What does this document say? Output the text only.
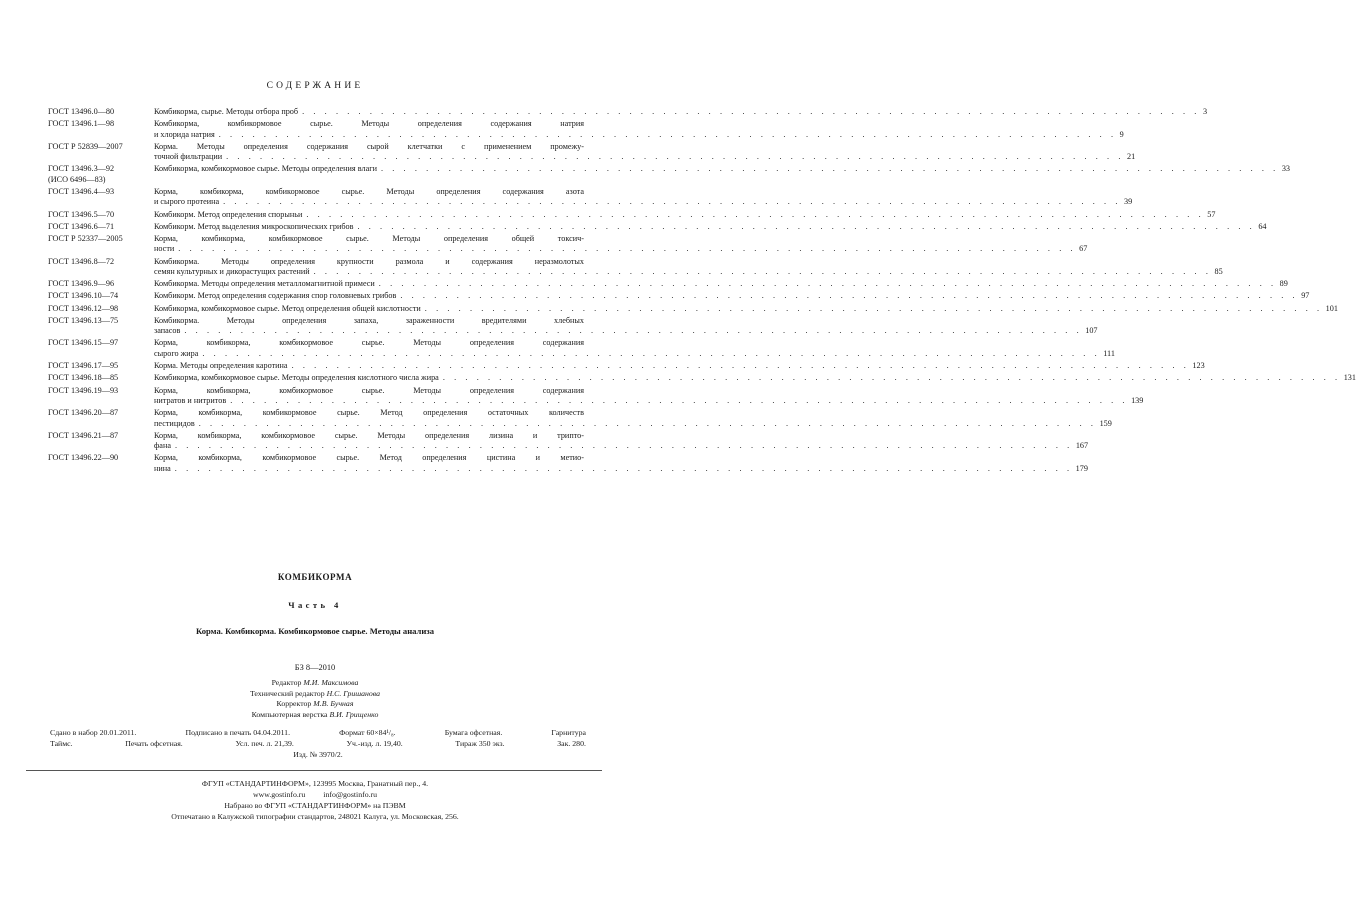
СОДЕРЖАНИЕ
ГОСТ 13496.0—80	Комбикорма, сырье. Методы отбора проб . . . . . . . . . . . . . . . . . . . . . . . . . . . . . . . . . . . . . . . . . . . . . . . . . . . . . . . . . . . . . . . . . . . . . . . . . . . . . . . . 3
ГОСТ 13496.1—98	Комбикорма, комбикормовое сырье. Методы определения содержания натрия
и хлорида натрия . . . . . . . . . . . . . . . . . . . . . . . . . . . . . . . . . . . . . . . . . . . . . . . . . . . . . . . . . . . . . . . . . . . . . . . . . . . . . . . . 9
ГОСТ Р 52839—2007	Корма. Методы определения содержания сырой клетчатки с применением промежу-
точной фильтрации . . . . . . . . . . . . . . . . . . . . . . . . . . . . . . . . . . . . . . . . . . . . . . . . . . . . . . . . . . . . . . . . . . . . . . . . . . . . . . . . 21
ГОСТ 13496.3—92
(ИСО 6496—83)
Комбикорма, комбикормовое сырье. Методы определения влаги . . . . . . . . . . . . . . . . . . . . . . . . . . . . . . . . . . . . . . . . . . . . . . . . . . . . . . . . . . . . . . . . . . . . . . . . . . . . . . . . 33
ГОСТ 13496.4—93	Корма, комбикорма, комбикормовое сырье. Методы определения содержания азота
и сырого протеина . . . . . . . . . . . . . . . . . . . . . . . . . . . . . . . . . . . . . . . . . . . . . . . . . . . . . . . . . . . . . . . . . . . . . . . . . . . . . . . . 39
ГОСТ 13496.5—70	Комбикорм. Метод определения спорыньи . . . . . . . . . . . . . . . . . . . . . . . . . . . . . . . . . . . . . . . . . . . . . . . . . . . . . . . . . . . . . . . . . . . . . . . . . . . . . . . . 57
ГОСТ 13496.6—71	Комбикорм. Метод выделения микроскопических грибов . . . . . . . . . . . . . . . . . . . . . . . . . . . . . . . . . . . . . . . . . . . . . . . . . . . . . . . . . . . . . . . . . . . . . . . . . . . . . . . . 64
ГОСТ Р 52337—2005	Корма, комбикорма, комбикормовое сырье. Методы определения общей токсич-
ности . . . . . . . . . . . . . . . . . . . . . . . . . . . . . . . . . . . . . . . . . . . . . . . . . . . . . . . . . . . . . . . . . . . . . . . . . . . . . . . . 67
ГОСТ 13496.8—72	Комбикорма. Методы определения крупности размола и содержания неразмолотых
семян культурных и дикорастущих растений . . . . . . . . . . . . . . . . . . . . . . . . . . . . . . . . . . . . . . . . . . . . . . . . . . . . . . . . . . . . . . . . . . . . . . . . . . . . . . . . 85
ГОСТ 13496.9—96	Комбикорма. Методы определения металломагнитной примеси . . . . . . . . . . . . . . . . . . . . . . . . . . . . . . . . . . . . . . . . . . . . . . . . . . . . . . . . . . . . . . . . . . . . . . . . . . . . . . . . 89
ГОСТ 13496.10—74	Комбикорм. Метод определения содержания спор головневых грибов . . . . . . . . . . . . . . . . . . . . . . . . . . . . . . . . . . . . . . . . . . . . . . . . . . . . . . . . . . . . . . . . . . . . . . . . . . . . . . . . 97
ГОСТ 13496.12—98	Комбикорма, комбикормовое сырье. Метод определения общей кислотности . . . . . . . . . . . . . . . . . . . . . . . . . . . . . . . . . . . . . . . . . . . . . . . . . . . . . . . . . . . . . . . . . . . . . . . . . . . . . . . . 101
ГОСТ 13496.13—75	Комбикорма. Методы определения запаха, зараженности вредителями хлебных
запасов . . . . . . . . . . . . . . . . . . . . . . . . . . . . . . . . . . . . . . . . . . . . . . . . . . . . . . . . . . . . . . . . . . . . . . . . . . . . . . . . 107
ГОСТ 13496.15—97	Корма, комбикорма, комбикормовое сырье. Методы определения содержания
сырого жира . . . . . . . . . . . . . . . . . . . . . . . . . . . . . . . . . . . . . . . . . . . . . . . . . . . . . . . . . . . . . . . . . . . . . . . . . . . . . . . . 111
ГОСТ 13496.17—95	Корма. Методы определения каротина . . . . . . . . . . . . . . . . . . . . . . . . . . . . . . . . . . . . . . . . . . . . . . . . . . . . . . . . . . . . . . . . . . . . . . . . . . . . . . . . 123
ГОСТ 13496.18—85	Комбикорма, комбикормовое сырье. Методы определения кислотного числа жира . . . . . . . . . . . . . . . . . . . . . . . . . . . . . . . . . . . . . . . . . . . . . . . . . . . . . . . . . . . . . . . . . . . . . . . . . . . . . . . . 131
ГОСТ 13496.19—93	Корма, комбикорма, комбикормовое сырье. Методы определения содержания
нитратов и нитритов . . . . . . . . . . . . . . . . . . . . . . . . . . . . . . . . . . . . . . . . . . . . . . . . . . . . . . . . . . . . . . . . . . . . . . . . . . . . . . . . 139
ГОСТ 13496.20—87	Корма, комбикорма, комбикормовое сырье. Метод определения остаточных количеств
пестицидов . . . . . . . . . . . . . . . . . . . . . . . . . . . . . . . . . . . . . . . . . . . . . . . . . . . . . . . . . . . . . . . . . . . . . . . . . . . . . . . . 159
ГОСТ 13496.21—87	Корма, комбикорма, комбикормовое сырье. Методы определения лизина и трипто-
фана . . . . . . . . . . . . . . . . . . . . . . . . . . . . . . . . . . . . . . . . . . . . . . . . . . . . . . . . . . . . . . . . . . . . . . . . . . . . . . . . 167
ГОСТ 13496.22—90	Корма, комбикорма, комбикормовое сырье. Метод определения цистина и метио-
нина . . . . . . . . . . . . . . . . . . . . . . . . . . . . . . . . . . . . . . . . . . . . . . . . . . . . . . . . . . . . . . . . . . . . . . . . . . . . . . . . 179
КОМБИКОРМА
Часть 4
Корма. Комбикорма. Комбикормовое сырье. Методы анализа
БЗ 8—2010
Редактор М.И. Максимова
Технический редактор Н.С. Гришанова
Корректор М.В. Бучная
Компьютерная верстка В.И. Грищенко
Сдано в набор 20.01.2011.	Подписано в печать 04.04.2011.	Формат 60×84¹/₈.	Бумага офсетная.	Гарнитура
Таймс.	Печать офсетная.	Усл. печ. л. 21,39.	Уч.-изд. л. 19,40.	Тираж 350 экз.	Зак. 280.
Изд. № 3970/2.
ФГУП «СТАНДАРТИНФОРМ», 123995 Москва, Гранатный пер., 4.
www.gostinfo.ru info@gostinfo.ru
Набрано во ФГУП «СТАНДАРТИНФОРМ» на ПЭВМ
Отпечатано в Калужской типографии стандартов, 248021 Калуга, ул. Московская, 256.
